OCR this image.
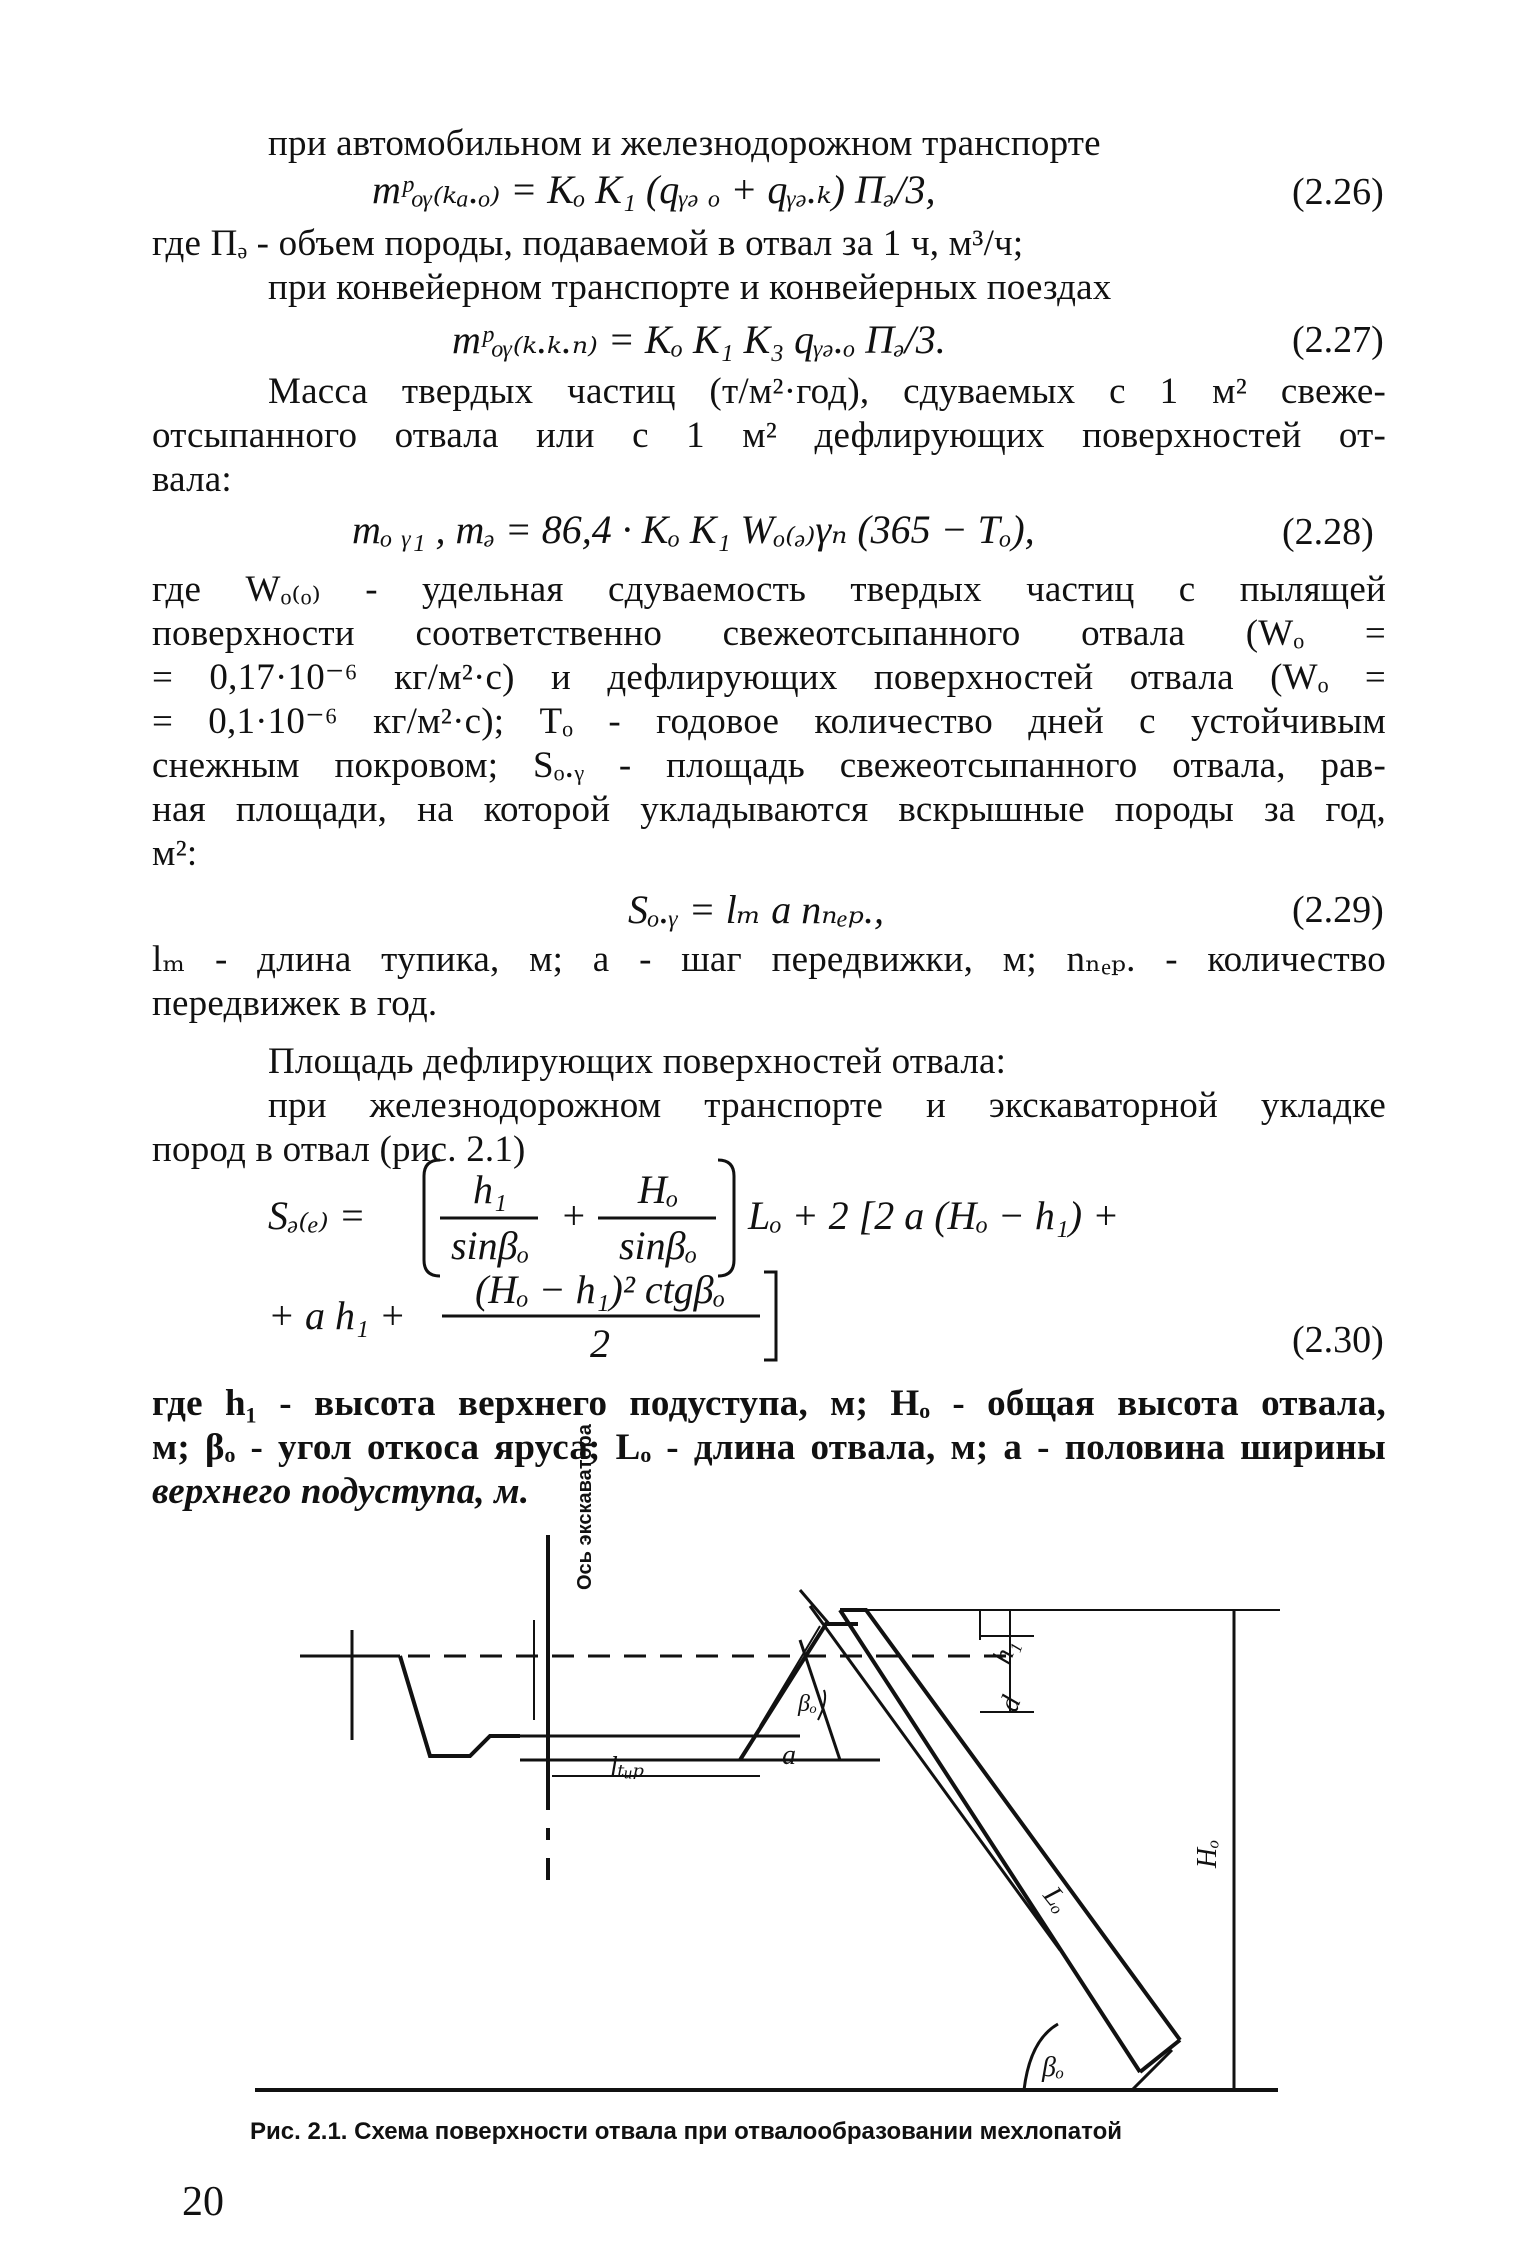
при автомобильном и железнодорожном транспорте
mᵖₒᵧ₍ₖₐ.ₒ₎ = Kₒ K₁ (qᵧₔ ₒ + qᵧₔ.ₖ) Πₔ/3,	(2.26)
где Пₔ - объем породы, подаваемой в отвал за 1 ч, м³/ч;
при конвейерном транспорте и конвейерных поездах
mᵖₒᵧ₍ₖ.ₖ.ₙ₎ = Kₒ K₁ K₃ qᵧₔ.ₒ Πₔ/3.	(2.27)
Масса твердых частиц (т/м²·год), сдуваемых с 1 м² свеже-
отсыпанного отвала или с 1 м² дефлирующих поверхностей от-
вала:
mₒ ᵧ₁ , mₔ = 86,4 · Kₒ K₁ Wₒ₍ₔ₎γₙ (365 − Tₒ),	(2.28)
где Wₒ₍ₒ₎ - удельная сдуваемость твердых частиц с пылящей
поверхности соответственно свежеотсыпанного отвала (Wₒ =
= 0,17·10⁻⁶ кг/м²·с) и дефлирующих поверхностей отвала (Wₒ =
= 0,1·10⁻⁶ кг/м²·с); Tₒ - годовое количество дней с устойчивым
снежным покровом; Sₒ.ᵧ - площадь свежеотсыпанного отвала, рав-
ная площади, на которой укладываются вскрышные породы за год,
м²:
Sₒ.ᵧ = lₘ a nₙₑₚ.,	(2.29)
lₘ - длина тупика, м; a - шаг передвижки, м; nₙₑₚ. - количество
передвижек в год.
Площадь дефлирующих поверхностей отвала:
при железнодорожном транспорте и экскаваторной укладке
пород в отвал (рис. 2.1)
Sₔ₍ₑ₎ =
h₁
sinβₒ
+
Hₒ
sinβₒ
Lₒ + 2 [2 a (Hₒ − h₁) +
+ a h₁ +
(Hₒ − h₁)² ctgβₒ
2	(2.30)
где h₁ - высота верхнего подуступа, м; Hₒ - общая высота отвала,
м; βₒ - угол откоса яруса; Lₒ - длина отвала, м; a - половина ширины
верхнего подуступа, м. Ось экскаватора
lₜᵤₚ	a
βₒ
h₁
d
Lₒ
Hₒ
βₒ
Рис. 2.1. Схема поверхности отвала при отвалообразовании мехлопатой
20
